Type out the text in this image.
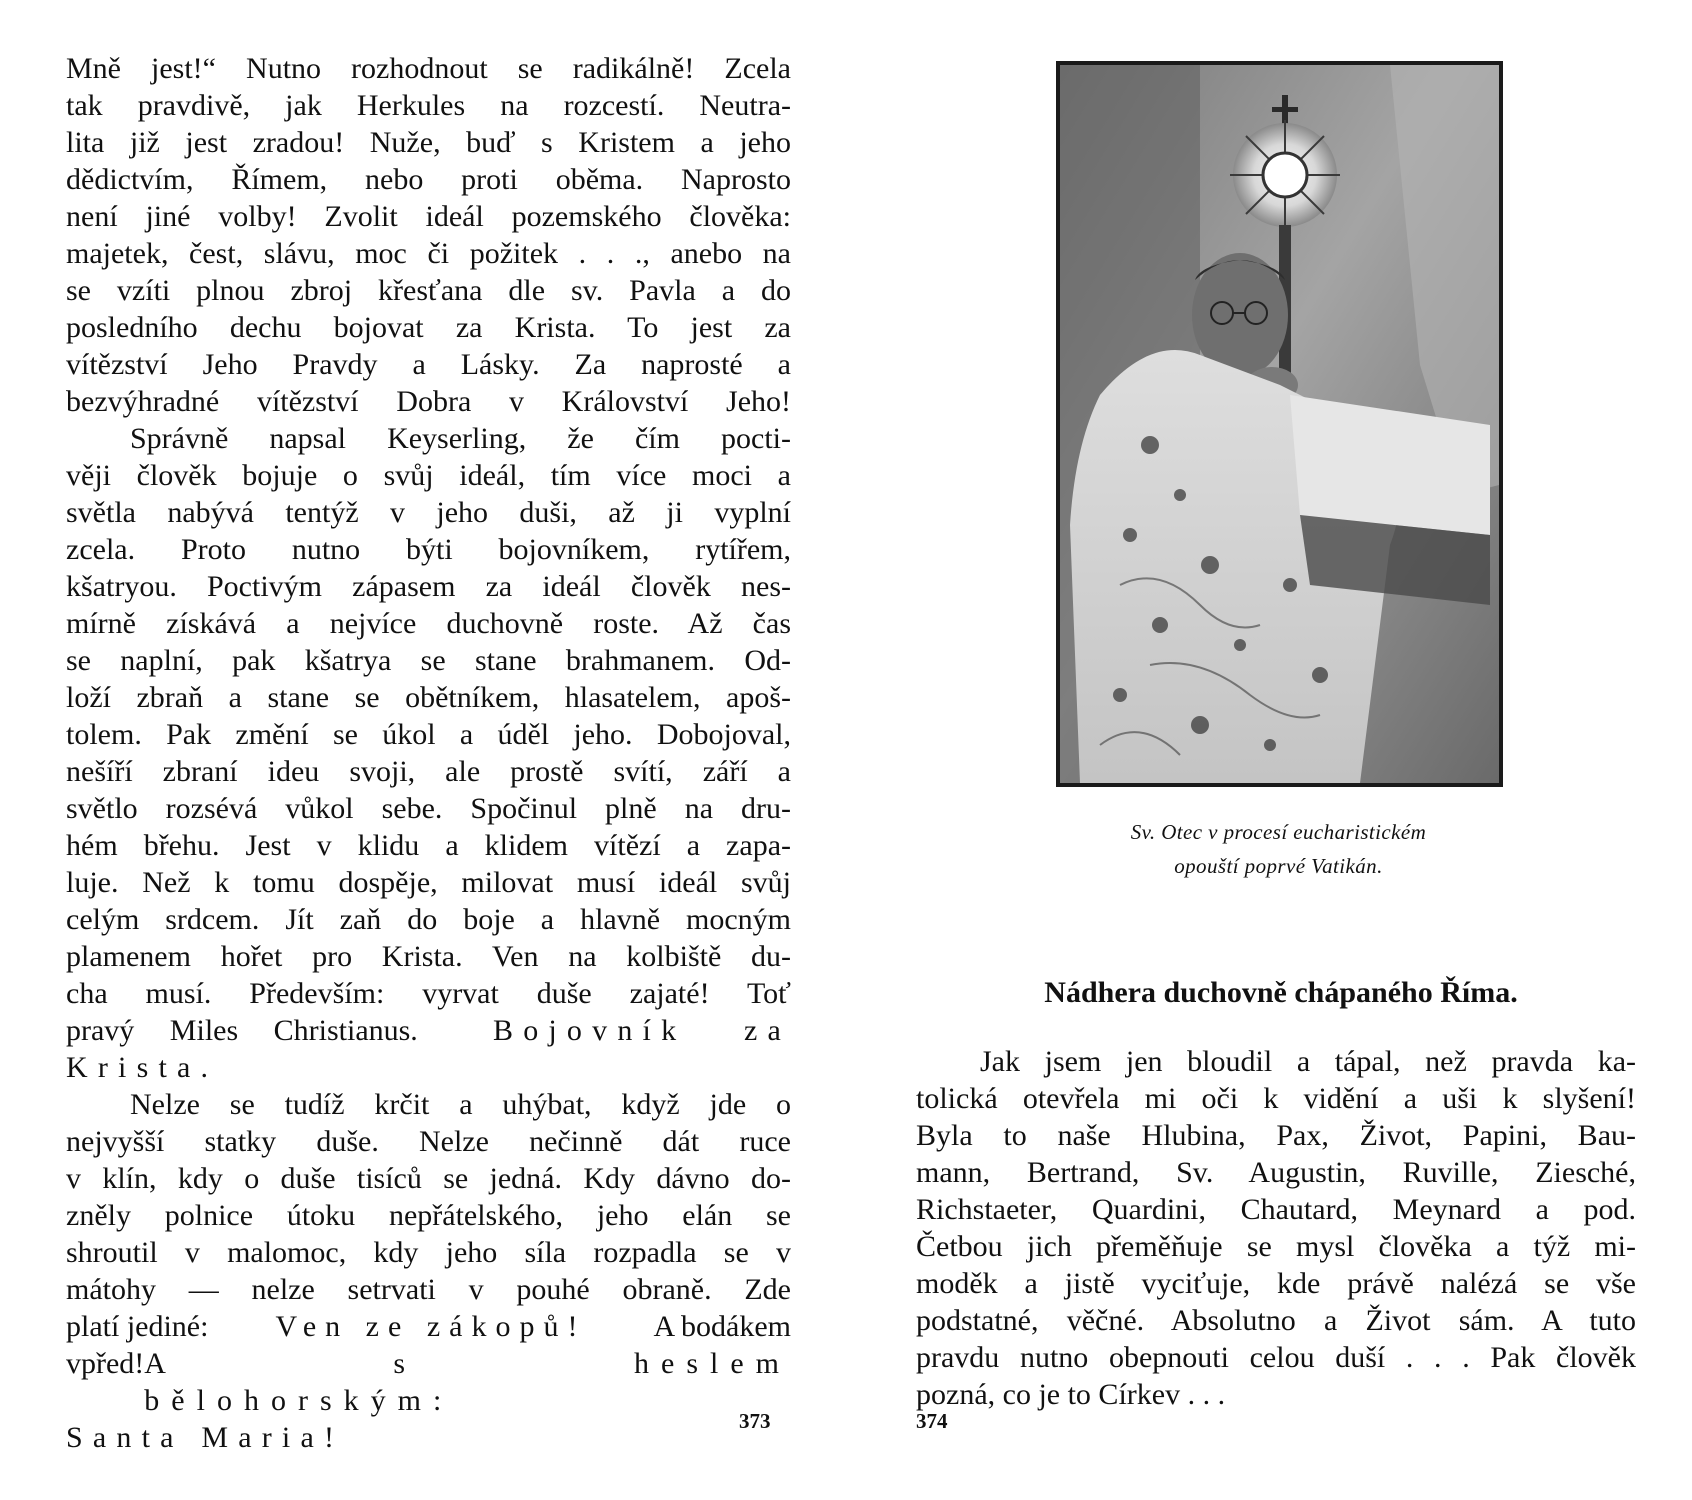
Mně jest!“ Nutno rozhodnout se radikálně! Zcela
tak pravdivě, jak Herkules na rozcestí. Neutra-
lita již jest zradou! Nuže, buď s Kristem a jeho
dědictvím, Římem, nebo proti oběma. Naprosto
není jiné volby! Zvolit ideál pozemského člověka:
majetek, čest, slávu, moc či požitek . . ., anebo na
se vzíti plnou zbroj křesťana dle sv. Pavla a do
posledního dechu bojovat za Krista. To jest za
vítězství Jeho Pravdy a Lásky. Za naprosté a
bezvýhradné vítězství Dobra v Království Jeho!
Správně napsal Keyserling, že čím pocti-
věji člověk bojuje o svůj ideál, tím více moci a
světla nabývá tentýž v jeho duši, až ji vyplní
zcela. Proto nutno býti bojovníkem, rytířem,
kšatryou. Poctivým zápasem za ideál člověk nes-
mírně získává a nejvíce duchovně roste. Až čas
se naplní, pak kšatrya se stane brahmanem. Od-
loží zbraň a stane se obětníkem, hlasatelem, apoš-
tolem. Pak změní se úkol a úděl jeho. Dobojoval,
nešíří zbraní ideu svoji, ale prostě svítí, září a
světlo rozsévá vůkol sebe. Spočinul plně na dru-
hém břehu. Jest v klidu a klidem vítězí a zapa-
luje. Než k tomu dospěje, milovat musí ideál svůj
celým srdcem. Jít zaň do boje a hlavně mocným
plamenem hořet pro Krista. Ven na kolbiště du-
cha musí. Především: vyrvat duše zajaté! Toť
pravý Miles Christianus.	Bojovník za
Krista.
Nelze se tudíž krčit a uhýbat, když jde o
nejvyšší statky duše. Nelze nečinně dát ruce
v klín, kdy o duše tisíců se jedná. Kdy dávno do-
zněly polnice útoku nepřátelského, jeho elán se
shroutil v malomoc, kdy jeho síla rozpadla se v
mátohy — nelze setrvati v pouhé obraně. Zde
platí jediné: Ven ze zákopů! A bodákem
vpřed! A s heslem bělohorským:
Santa Maria!	373

Sv. Otec v procesí eucharistickém

opouští poprvé Vatikán.

Nádhera duchovně chápaného Říma.
Jak jsem jen bloudil a tápal, než pravda ka-
tolická otevřela mi oči k vidění a uši k slyšení!
Byla to naše Hlubina, Pax, Život, Papini, Bau-
mann, Bertrand, Sv. Augustin, Ruville, Ziesché,
Richstaeter, Quardini, Chautard, Meynard a pod.
Četbou jich přeměňuje se mysl člověka a týž mi-
moděk a jistě vyciťuje, kde právě nalézá se vše
podstatné, věčné. Absolutno a Život sám. A tuto
pravdu nutno obepnouti celou duší . . . Pak člověk
pozná, co je to Církev . . .
374
